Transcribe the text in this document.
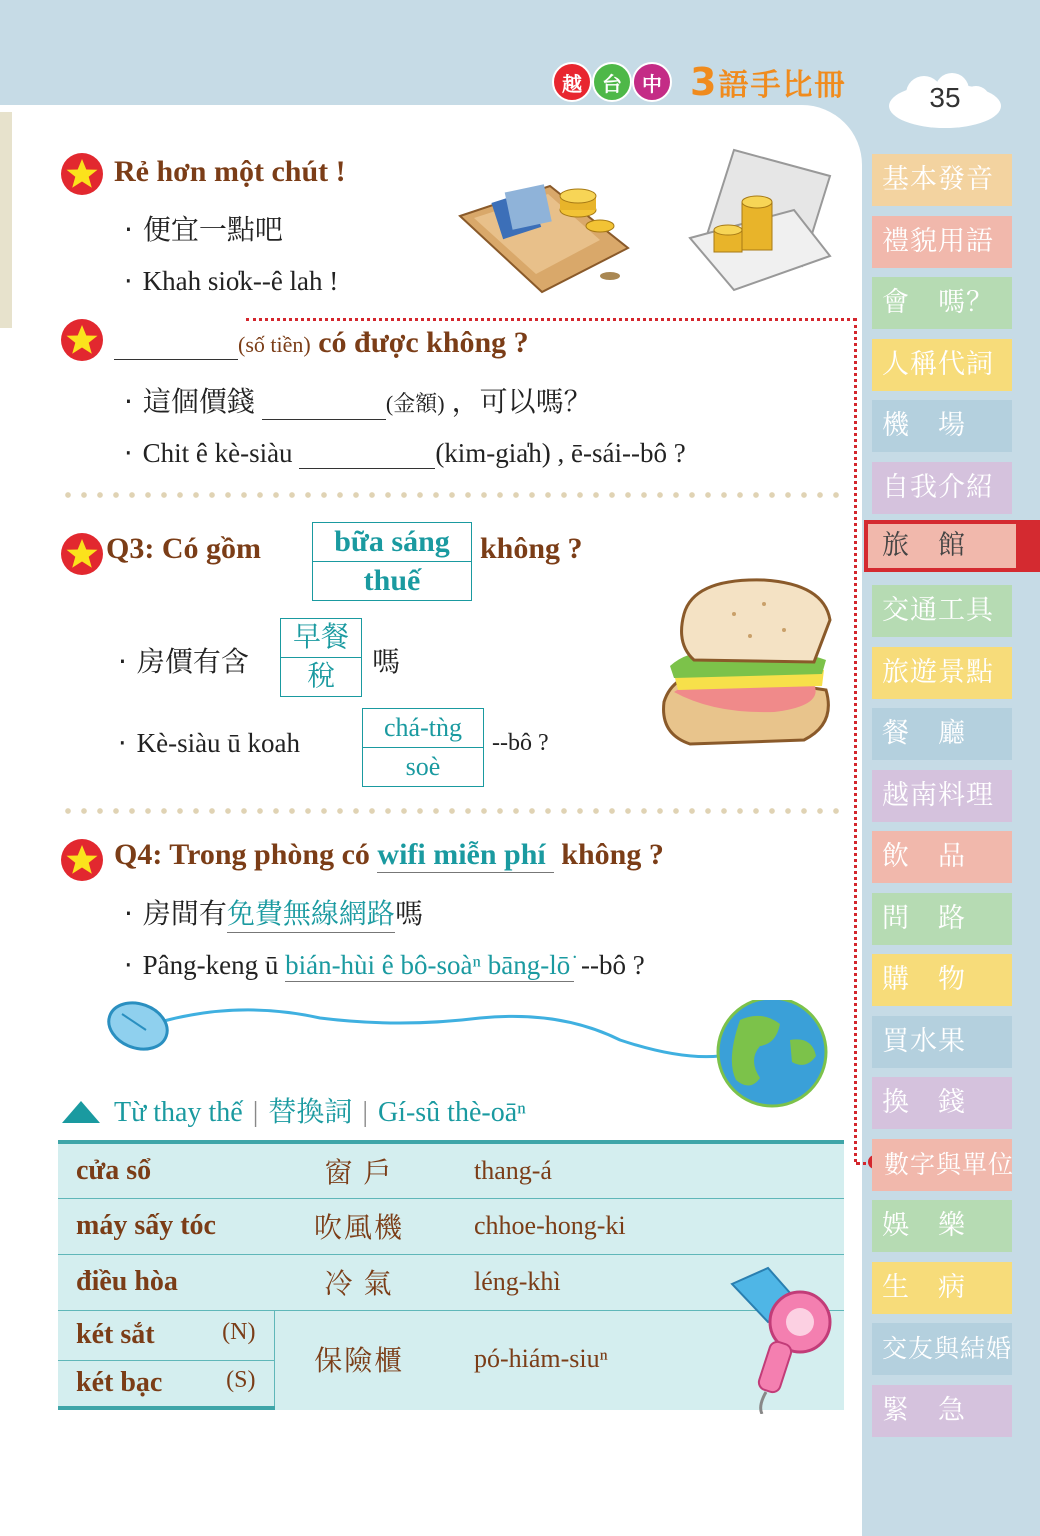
越	台	中 3語手比冊	35
Rẻ hơn một chút !
· 便宜一點吧
· Khah sio̍k--ê lah !
(số tiền) có được không ?
· 這個價錢	(金額) ，可以嗎？
· Chit ê kè-siàu	(kim-gia̍h) , ē-sái--bô ?
Q3: Có gồm	bữa sáng
thuế
không ?
· 房價有含
早餐
稅	嗎
· Kè-siàu ū koah
chá-tǹg
soè
--bô ?
Q4: Trong phòng có wifi miễn phí không ?
· 房間有免費無線網路嗎
· Pâng-keng ū bián-hùi ê bô-soàⁿ bāng-lō͘ --bô ?
Từ thay thế | 替換詞 | Gí-sû thè-oāⁿ
cửa sổ	窗 戶	thang-á
máy sấy tóc	吹風機	chhoe-hong-ki
điều hòa	冷 氣	léng-khì
két sắt (N)	保險櫃	pó-hiám-siuⁿ
két bạc (S)		
基本發音
禮貌用語
會　嗎？
人稱代詞
機　場
自我介紹
旅　館
交通工具
旅遊景點
餐　廳
越南料理
飲　品
問　路
購　物
買水果
換　錢
數字與單位
娛　樂
生　病
交友與結婚
緊　急
